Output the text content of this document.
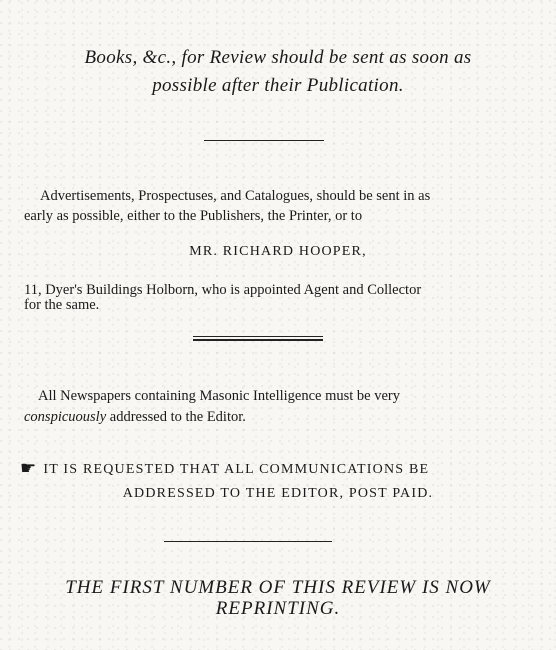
Books, &c., for Review should be sent as soon as
possible after their Publication.
Advertisements, Prospectuses, and Catalogues, should be sent in as
early as possible, either to the Publishers, the Printer, or to
MR. RICHARD HOOPER,
11, Dyer's Buildings Holborn, who is appointed Agent and Collector
for the same.
All Newspapers containing Masonic Intelligence must be very
conspicuously addressed to the Editor.
☛ IT IS REQUESTED THAT ALL COMMUNICATIONS BE
ADDRESSED TO THE EDITOR, POST PAID.
THE FIRST NUMBER OF THIS REVIEW IS NOW
REPRINTING.
